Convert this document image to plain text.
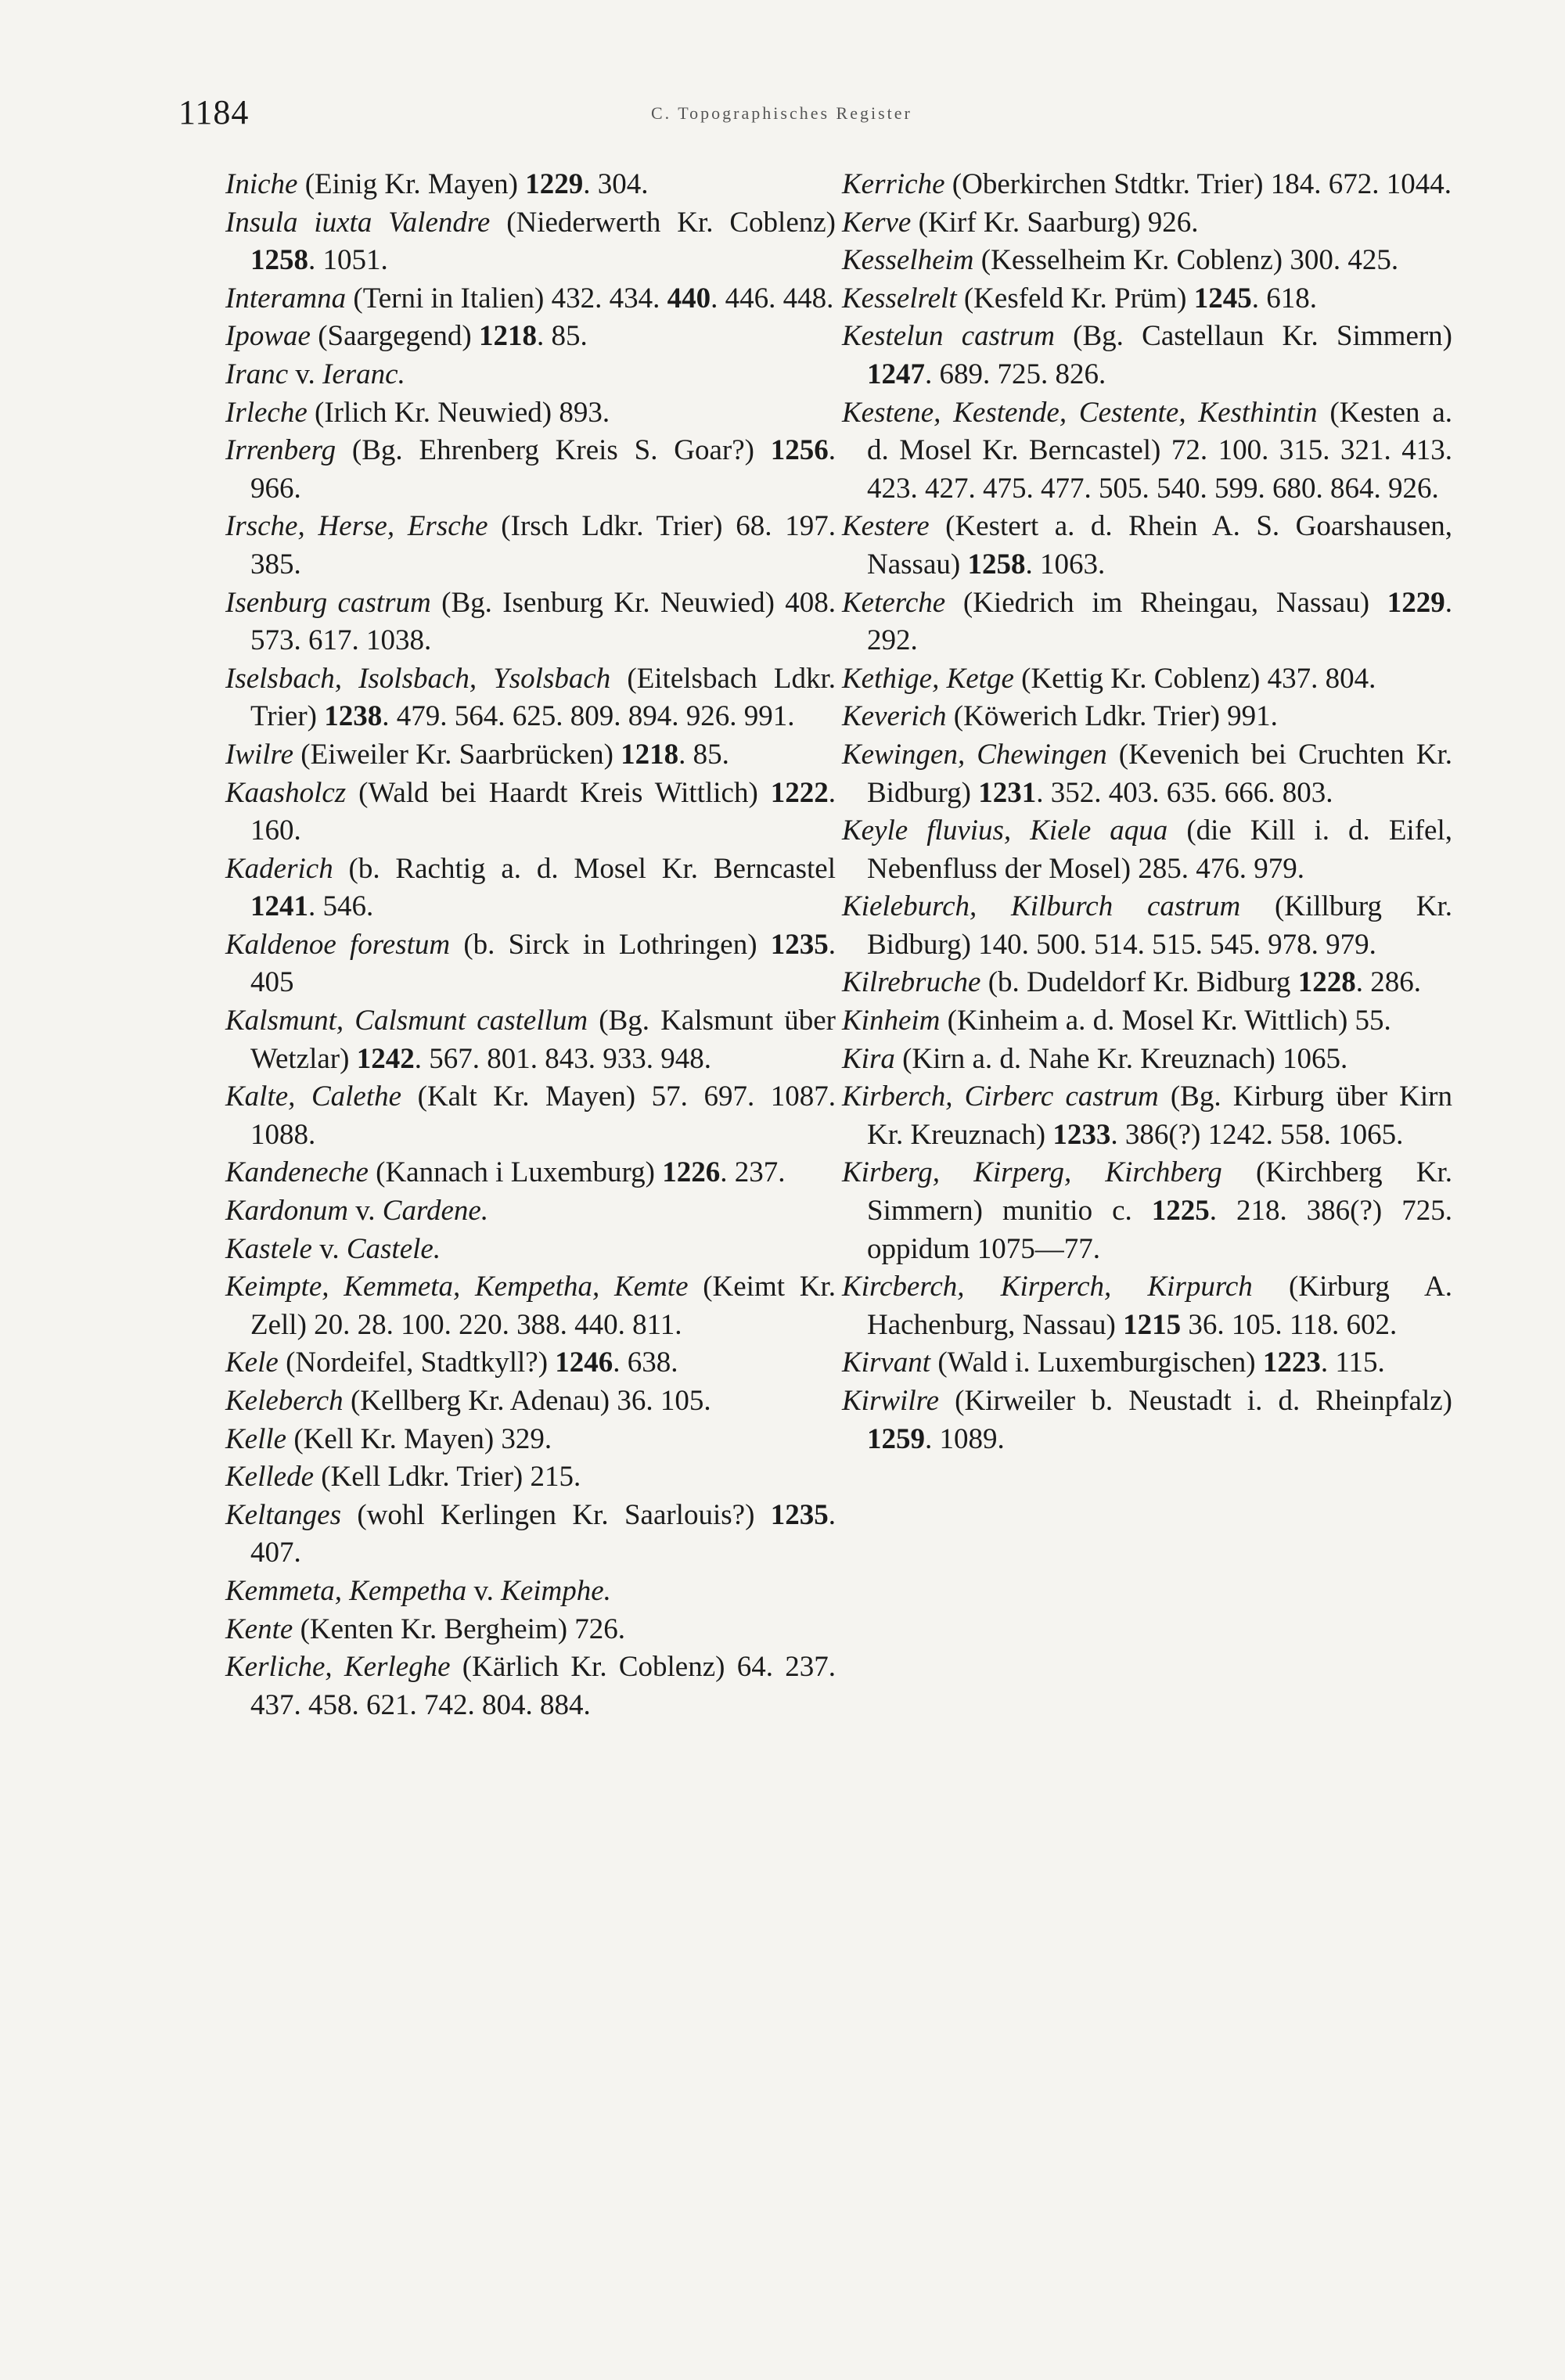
1184	C. Topographisches Register

Iniche (Einig Kr. Mayen) 1229. 304.

Insula iuxta Valendre (Niederwerth Kr. Coblenz) 1258. 1051.

Interamna (Terni in Italien) 432. 434. 440. 446. 448.

Ipowae (Saargegend) 1218. 85.

Iranc v. Ieranc.

Irleche (Irlich Kr. Neuwied) 893.

Irrenberg (Bg. Ehrenberg Kreis S. Goar?) 1256. 966.

Irsche, Herse, Ersche (Irsch Ldkr. Trier) 68. 197. 385.

Isenburg castrum (Bg. Isenburg Kr. Neuwied) 408. 573. 617. 1038.

Iselsbach, Isolsbach, Ysolsbach (Eitelsbach Ldkr. Trier) 1238. 479. 564. 625. 809. 894. 926. 991.

Iwilre (Eiweiler Kr. Saarbrücken) 1218. 85.

Kaasholcz (Wald bei Haardt Kreis Wittlich) 1222. 160.

Kaderich (b. Rachtig a. d. Mosel Kr. Berncastel 1241. 546.

Kaldenoe forestum (b. Sirck in Lothringen) 1235. 405

Kalsmunt, Calsmunt castellum (Bg. Kalsmunt über Wetzlar) 1242. 567. 801. 843. 933. 948.

Kalte, Calethe (Kalt Kr. Mayen) 57. 697. 1087. 1088.

Kandeneche (Kannach i Luxemburg) 1226. 237.

Kardonum v. Cardene.

Kastele v. Castele.

Keimpte, Kemmeta, Kempetha, Kemte (Keimt Kr. Zell) 20. 28. 100. 220. 388. 440. 811.

Kele (Nordeifel, Stadtkyll?) 1246. 638.

Keleberch (Kellberg Kr. Adenau) 36. 105.

Kelle (Kell Kr. Mayen) 329.

Kellede (Kell Ldkr. Trier) 215.

Keltanges (wohl Kerlingen Kr. Saarlouis?) 1235. 407.

Kemmeta, Kempetha v. Keimphe.

Kente (Kenten Kr. Bergheim) 726.

Kerliche, Kerleghe (Kärlich Kr. Coblenz) 64. 237. 437. 458. 621. 742. 804. 884.

Kerriche (Oberkirchen Stdtkr. Trier) 184. 672. 1044.

Kerve (Kirf Kr. Saarburg) 926.

Kesselheim (Kesselheim Kr. Coblenz) 300. 425.

Kesselrelt (Kesfeld Kr. Prüm) 1245. 618.

Kestelun castrum (Bg. Castellaun Kr. Simmern) 1247. 689. 725. 826.

Kestene, Kestende, Cestente, Kesthintin (Kesten a. d. Mosel Kr. Berncastel) 72. 100. 315. 321. 413. 423. 427. 475. 477. 505. 540. 599. 680. 864. 926.

Kestere (Kestert a. d. Rhein A. S. Goarshausen, Nassau) 1258. 1063.

Keterche (Kiedrich im Rheingau, Nassau) 1229. 292.

Kethige, Ketge (Kettig Kr. Coblenz) 437. 804.

Keverich (Köwerich Ldkr. Trier) 991.

Kewingen, Chewingen (Kevenich bei Cruchten Kr. Bidburg) 1231. 352. 403. 635. 666. 803.

Keyle fluvius, Kiele aqua (die Kill i. d. Eifel, Nebenfluss der Mosel) 285. 476. 979.

Kieleburch, Kilburch castrum (Killburg Kr. Bidburg) 140. 500. 514. 515. 545. 978. 979.

Kilrebruche (b. Dudeldorf Kr. Bidburg 1228. 286.

Kinheim (Kinheim a. d. Mosel Kr. Wittlich) 55.

Kira (Kirn a. d. Nahe Kr. Kreuznach) 1065.

Kirberch, Cirberc castrum (Bg. Kirburg über Kirn Kr. Kreuznach) 1233. 386(?) 1242. 558. 1065.

Kirberg, Kirperg, Kirchberg (Kirchberg Kr. Simmern) munitio c. 1225. 218. 386(?) 725. oppidum 1075—77.

Kircberch, Kirperch, Kirpurch (Kirburg A. Hachenburg, Nassau) 1215 36. 105. 118. 602.

Kirvant (Wald i. Luxemburgischen) 1223. 115.

Kirwilre (Kirweiler b. Neustadt i. d. Rheinpfalz) 1259. 1089.
